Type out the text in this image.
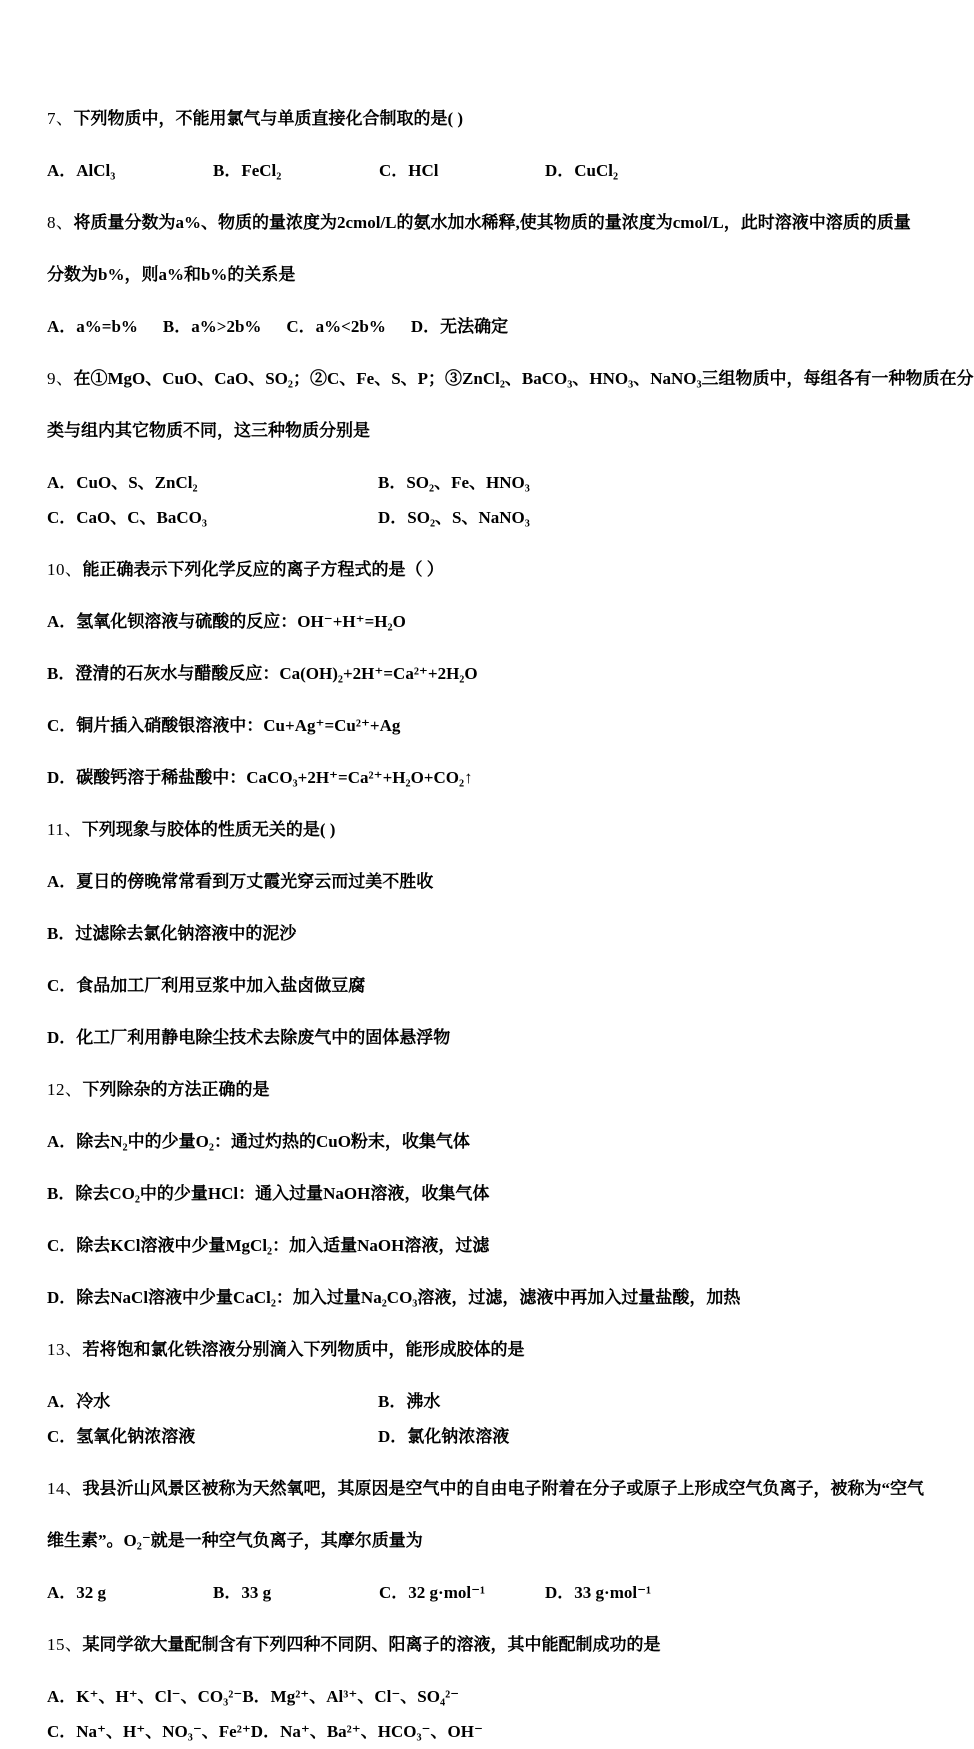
7、下列物质中，不能用氯气与单质直接化合制取的是( )

A．AlCl₃	B．FeCl₂	C．HCl	D．CuCl₂

8、将质量分数为a%、物质的量浓度为2cmol/L的氨水加水稀释,使其物质的量浓度为cmol/L，此时溶液中溶质的质量

分数为b%，则a%和b%的关系是

A．a%=b% B．a%>2b% C．a%<2b% D．无法确定

9、在①MgO、CuO、CaO、SO₂；②C、Fe、S、P；③ZnCl₂、BaCO₃、HNO₃、NaNO₃三组物质中，每组各有一种物质在分

类与组内其它物质不同，这三种物质分别是

A．CuO、S、ZnCl₂	B．SO₂、Fe、HNO₃
C．CaO、C、BaCO₃	D．SO₂、S、NaNO₃

10、能正确表示下列化学反应的离子方程式的是（ ）

A．氢氧化钡溶液与硫酸的反应：OH⁻+H⁺=H₂O

B．澄清的石灰水与醋酸反应：Ca(OH)₂+2H⁺=Ca²⁺+2H₂O

C．铜片插入硝酸银溶液中：Cu+Ag⁺=Cu²⁺+Ag

D．碳酸钙溶于稀盐酸中：CaCO₃+2H⁺=Ca²⁺+H₂O+CO₂↑

11、下列现象与胶体的性质无关的是( )

A．夏日的傍晚常常看到万丈霞光穿云而过美不胜收

B．过滤除去氯化钠溶液中的泥沙

C．食品加工厂利用豆浆中加入盐卤做豆腐

D．化工厂利用静电除尘技术去除废气中的固体悬浮物

12、下列除杂的方法正确的是

A．除去N₂中的少量O₂：通过灼热的CuO粉末，收集气体

B．除去CO₂中的少量HCl：通入过量NaOH溶液，收集气体

C．除去KCl溶液中少量MgCl₂：加入适量NaOH溶液，过滤

D．除去NaCl溶液中少量CaCl₂：加入过量Na₂CO₃溶液，过滤，滤液中再加入过量盐酸，加热

13、若将饱和氯化铁溶液分别滴入下列物质中，能形成胶体的是

A．冷水	B．沸水
C．氢氧化钠浓溶液	D．氯化钠浓溶液

14、我县沂山风景区被称为天然氧吧，其原因是空气中的自由电子附着在分子或原子上形成空气负离子，被称为“空气

维生素”。O₂⁻就是一种空气负离子，其摩尔质量为

A．32 g	B．33 g	C．32 g·mol⁻¹	D．33 g·mol⁻¹

15、某同学欲大量配制含有下列四种不同阴、阳离子的溶液，其中能配制成功的是

A．K⁺、H⁺、Cl⁻、CO₃²⁻B．Mg²⁺、Al³⁺、Cl⁻、SO₄²⁻
C．Na⁺、H⁺、NO₃⁻、Fe²⁺D．Na⁺、Ba²⁺、HCO₃⁻、OH⁻
